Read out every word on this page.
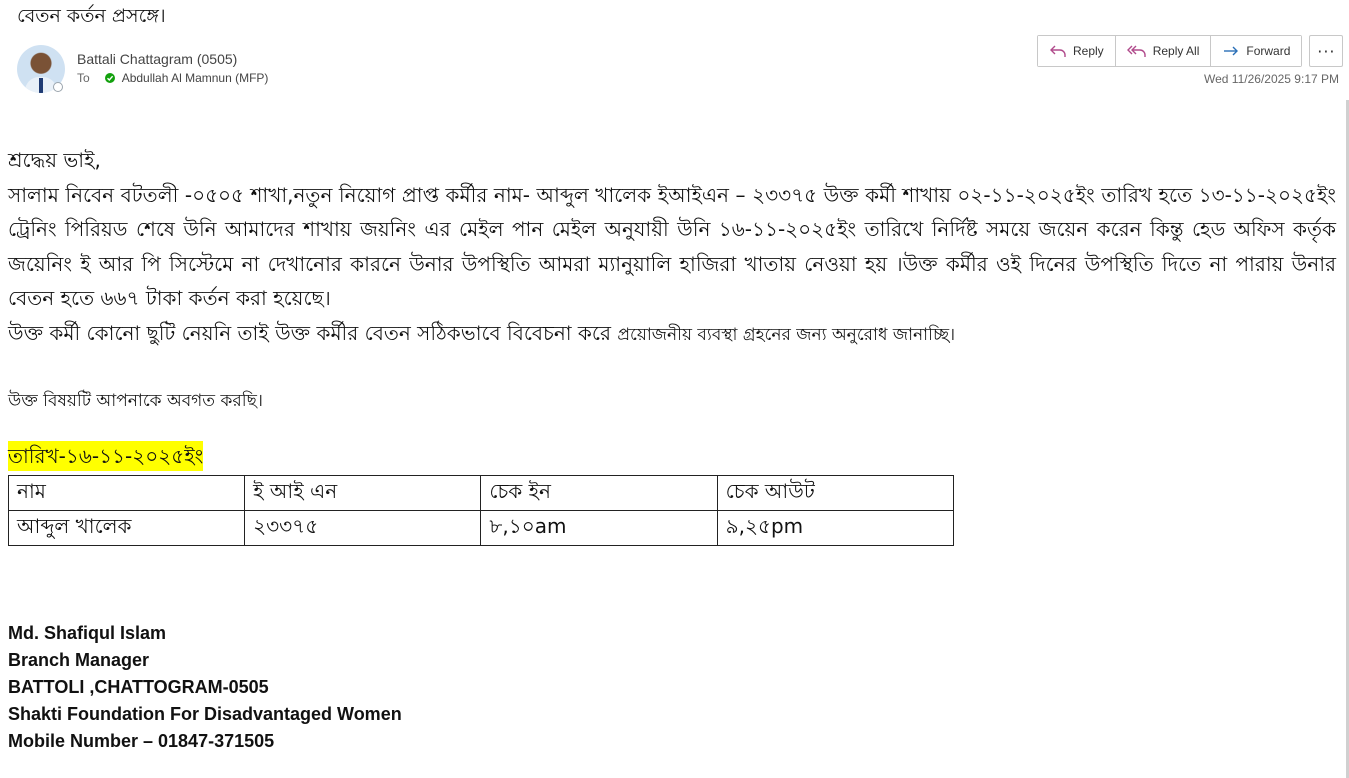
বেতন কর্তন প্রসঙ্গে।
Battali Chattagram (0505)
To	Abdullah Al Mamnun (MFP)
Reply	Reply All	Forward	···
Wed 11/26/2025 9:17 PM

শ্রদ্ধেয় ভাই,

সালাম নিবেন বটতলী -০৫০৫ শাখা,নতুন নিয়োগ প্রাপ্ত কর্মীর নাম- আব্দুল খালেক ইআইএন – ২৩৩৭৫ উক্ত কর্মী শাখায় ০২-১১-২০২৫ইং তারিখ হতে ১৩-১১-২০২৫ইং ট্রেনিং পিরিয়ড শেষে উনি আমাদের শাখায় জয়নিং এর মেইল পান মেইল অনুযায়ী উনি ১৬-১১-২০২৫ইং তারিখে নির্দিষ্ট সময়ে জয়েন করেন কিন্তু হেড অফিস কর্তৃক জয়েনিং ই আর পি সিস্টেমে না দেখানোর কারনে উনার উপস্থিতি আমরা ম্যানুয়ালি হাজিরা খাতায় নেওয়া হয় ।উক্ত কর্মীর ওই দিনের উপস্থিতি দিতে না পারায় উনার বেতন হতে ৬৬৭ টাকা কর্তন করা হয়েছে।

উক্ত কর্মী কোনো ছুটি নেয়নি তাই উক্ত কর্মীর বেতন সঠিকভাবে বিবেচনা করে প্রয়োজনীয় ব্যবস্থা গ্রহনের জন্য অনুরোধ জানাচ্ছি।

উক্ত বিষয়টি আপনাকে অবগত করছি।

তারিখ-১৬-১১-২০২৫ইং
নাম	ই আই এন	চেক ইন	চেক আউট
আব্দুল খালেক	২৩৩৭৫	৮,১০am	৯,২৫pm
Md. Shafiqul Islam
Branch Manager
BATTOLI ,CHATTOGRAM-0505
Shakti Foundation For Disadvantaged Women
Mobile Number – 01847-371505
